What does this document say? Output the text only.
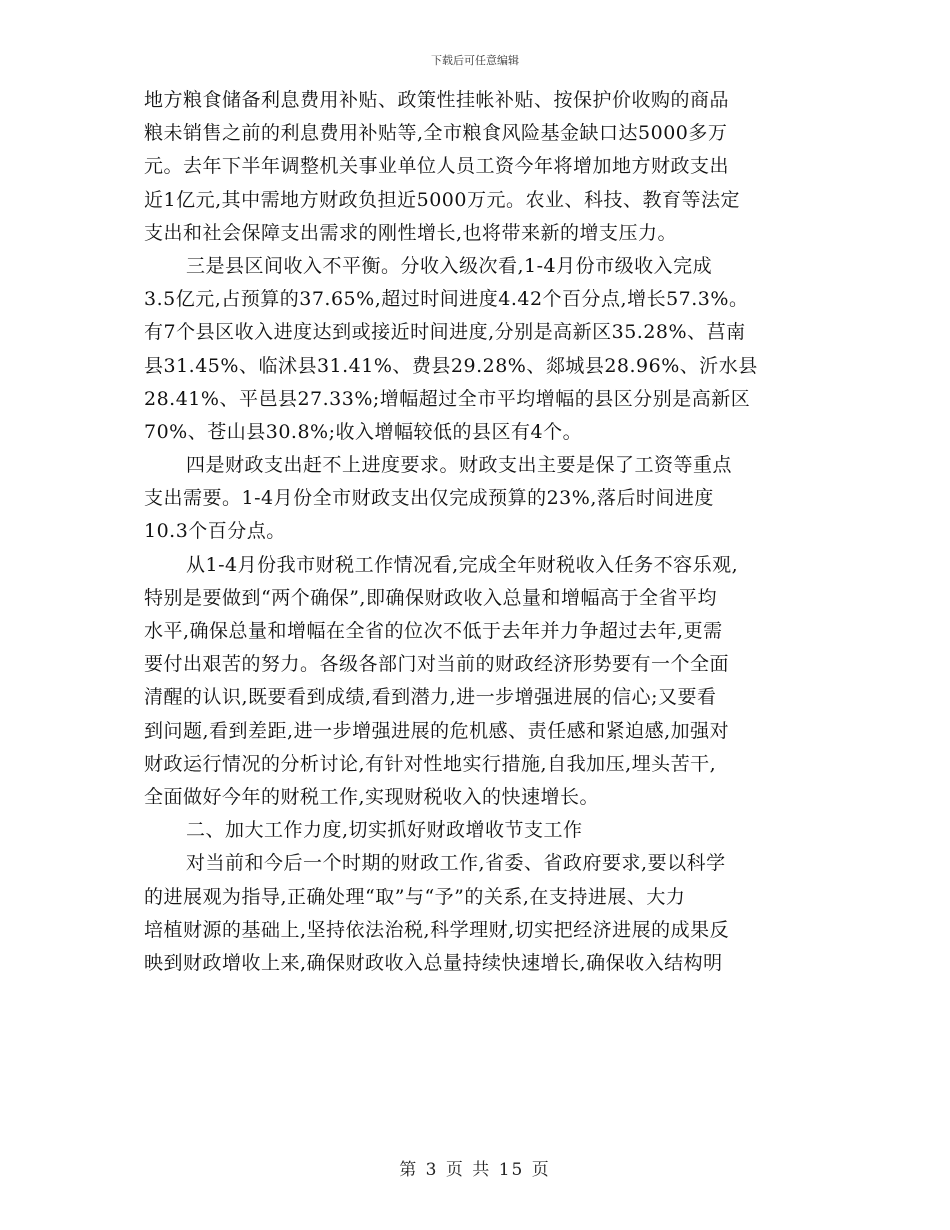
下载后可任意编辑
地方粮食储备利息费用补贴、政策性挂帐补贴、按保护价收购的商品
粮未销售之前的利息费用补贴等,全市粮食风险基金缺口达5000多万
元。去年下半年调整机关事业单位人员工资今年将增加地方财政支出
近1亿元,其中需地方财政负担近5000万元。农业、科技、教育等法定
支出和社会保障支出需求的刚性增长,也将带来新的增支压力。
三是县区间收入不平衡。分收入级次看,1-4月份市级收入完成
3.5亿元,占预算的37.65%,超过时间进度4.42个百分点,增长57.3%。
有7个县区收入进度达到或接近时间进度,分别是高新区35.28%、莒南
县31.45%、临沭县31.41%、费县29.28%、郯城县28.96%、沂水县
28.41%、平邑县27.33%;增幅超过全市平均增幅的县区分别是高新区
70%、苍山县30.8%;收入增幅较低的县区有4个。
四是财政支出赶不上进度要求。财政支出主要是保了工资等重点
支出需要。1-4月份全市财政支出仅完成预算的23%,落后时间进度
10.3个百分点。
从1-4月份我市财税工作情况看,完成全年财税收入任务不容乐观,
特别是要做到“两个确保”,即确保财政收入总量和增幅高于全省平均
水平,确保总量和增幅在全省的位次不低于去年并力争超过去年,更需
要付出艰苦的努力。各级各部门对当前的财政经济形势要有一个全面
清醒的认识,既要看到成绩,看到潜力,进一步增强进展的信心;又要看
到问题,看到差距,进一步增强进展的危机感、责任感和紧迫感,加强对
财政运行情况的分析讨论,有针对性地实行措施,自我加压,埋头苦干,
全面做好今年的财税工作,实现财税收入的快速增长。
二、加大工作力度,切实抓好财政增收节支工作
对当前和今后一个时期的财政工作,省委、省政府要求,要以科学
的进展观为指导,正确处理“取”与“予”的关系,在支持进展、大力
培植财源的基础上,坚持依法治税,科学理财,切实把经济进展的成果反
映到财政增收上来,确保财政收入总量持续快速增长,确保收入结构明
第 3 页 共 15 页
